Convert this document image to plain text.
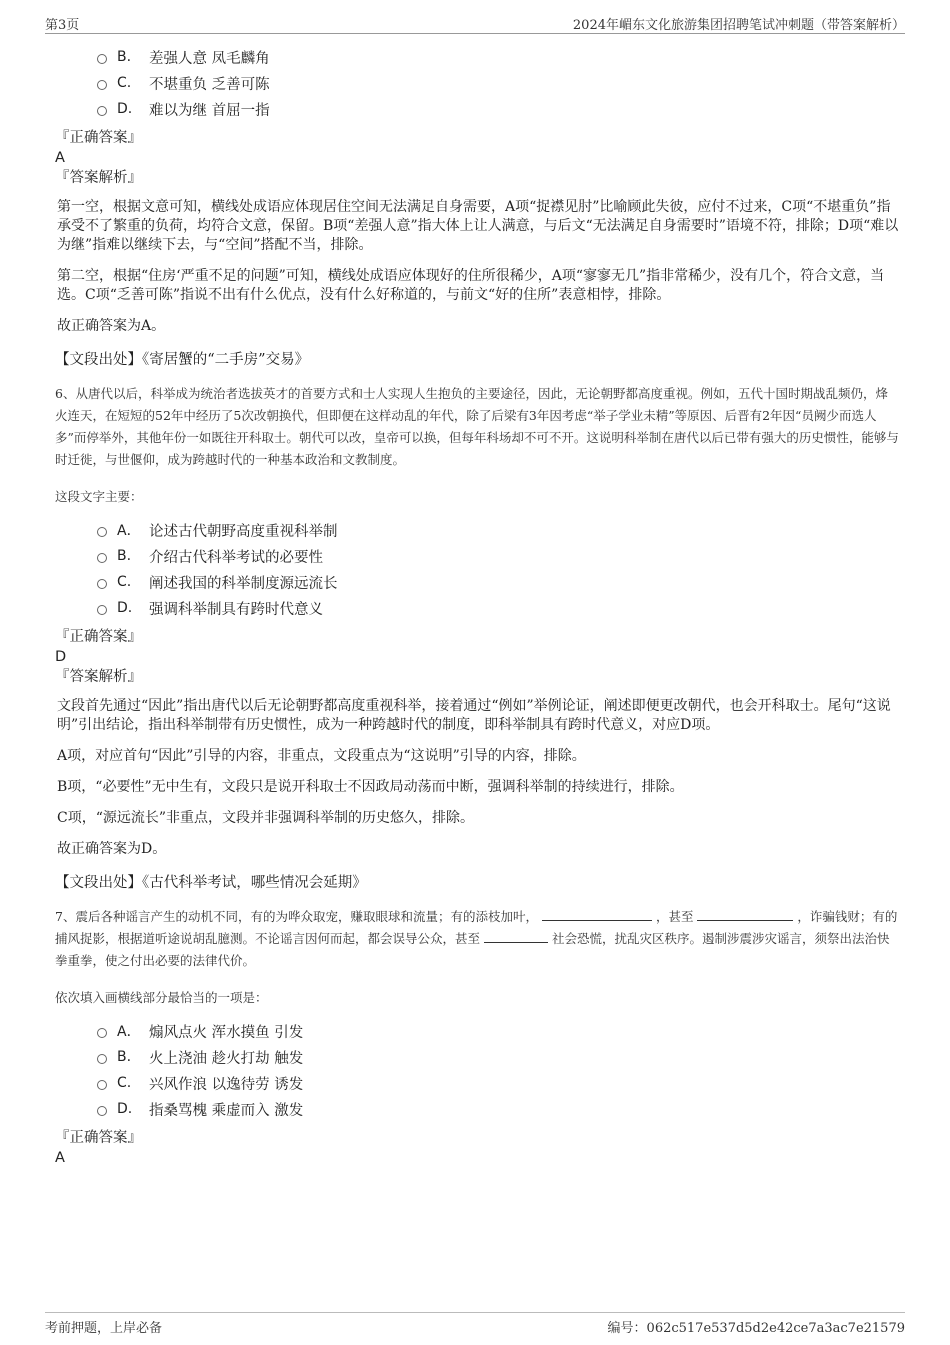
第3页	2024年嵋东文化旅游集团招聘笔试冲刺题（带答案解析）
B.	差强人意 凤毛麟角
C.	不堪重负 乏善可陈
D.	难以为继 首屈一指
『正确答案』
A
『答案解析』

第一空，根据文意可知，横线处成语应体现居住空间无法满足自身需要，A项“捉襟见肘”比喻顾此失彼，应付不过来，C项“不堪重负”指承受不了繁重的负荷，均符合文意，保留。B项“差强人意”指大体上让人满意，与后文“无法满足自身需要时”语境不符，排除；D项“难以为继”指难以继续下去，与“空间”搭配不当，排除。

第二空，根据“住房‘严重不足的问题”可知，横线处成语应体现好的住所很稀少，A项“寥寥无几”指非常稀少，没有几个，符合文意，当选。C项“乏善可陈”指说不出有什么优点，没有什么好称道的，与前文“好的住所”表意相悖，排除。

故正确答案为A。

【文段出处】《寄居蟹的“二手房”交易》
6、从唐代以后，科举成为统治者选拔英才的首要方式和士人实现人生抱负的主要途径，因此，无论朝野都高度重视。例如，五代十国时期战乱频仍，烽火连天，在短短的52年中经历了5次改朝换代，但即便在这样动乱的年代，除了后梁有3年因考虑“举子学业未精”等原因、后晋有2年因“员阙少而选人多”而停举外，其他年份一如既往开科取士。朝代可以改，皇帝可以换，但每年科场却不可不开。这说明科举制在唐代以后已带有强大的历史惯性，能够与时迁徙，与世偃仰，成为跨越时代的一种基本政治和文教制度。
这段文字主要：
A． 论述古代朝野高度重视科举制
B.	介绍古代科举考试的必要性
C.	阐述我国的科举制度源远流长
D.	强调科举制具有跨时代意义
『正确答案』
D
『答案解析』

文段首先通过“因此”指出唐代以后无论朝野都高度重视科举，接着通过“例如”举例论证，阐述即便更改朝代，也会开科取士。尾句“这说明”引出结论，指出科举制带有历史惯性，成为一种跨越时代的制度，即科举制具有跨时代意义，对应D项。

A项，对应首句“因此”引导的内容，非重点，文段重点为“这说明”引导的内容，排除。

B项，“必要性”无中生有，文段只是说开科取士不因政局动荡而中断，强调科举制的持续进行，排除。

C项，“源远流长”非重点，文段并非强调科举制的历史悠久，排除。

故正确答案为D。

【文段出处】《古代科举考试，哪些情况会延期》
7、震后各种谣言产生的动机不同，有的为哗众取宠，赚取眼球和流量；有的添枝加叶，	，甚至	，诈骗钱财；有的捕风捉影，根据道听途说胡乱臆测。不论谣言因何而起，都会误导公众，甚至	社会恐慌，扰乱灾区秩序。遏制涉震涉灾谣言，须祭出法治快拳重拳，使之付出必要的法律代价。
依次填入画横线部分最恰当的一项是：
A． 煽风点火 浑水摸鱼 引发
B.	火上浇油 趁火打劫 触发
C.	兴风作浪 以逸待劳 诱发
D.	指桑骂槐 乘虚而入 激发
『正确答案』
A
考前押题，上岸必备	编号：062c517e537d5d2e42ce7a3ac7e21579
